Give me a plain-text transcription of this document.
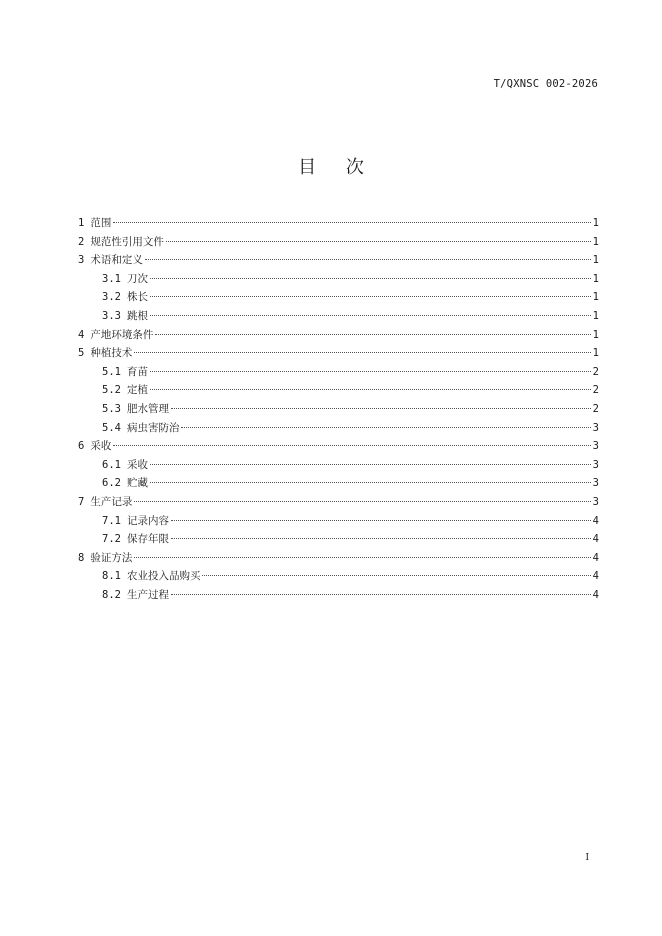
T/QXNSC 002-2026
目 次
1 范围	1
2 规范性引用文件	1
3 术语和定义	1
3.1 刀次	1
3.2 株长	1
3.3 跳根	1
4 产地环境条件	1
5 种植技术	1
5.1 育苗	2
5.2 定植	2
5.3 肥水管理	2
5.4 病虫害防治	3
6 采收	3
6.1 采收	3
6.2 贮藏	3
7 生产记录	3
7.1 记录内容	4
7.2 保存年限	4
8 验证方法	4
8.1 农业投入品购买	4
8.2 生产过程	4
I
